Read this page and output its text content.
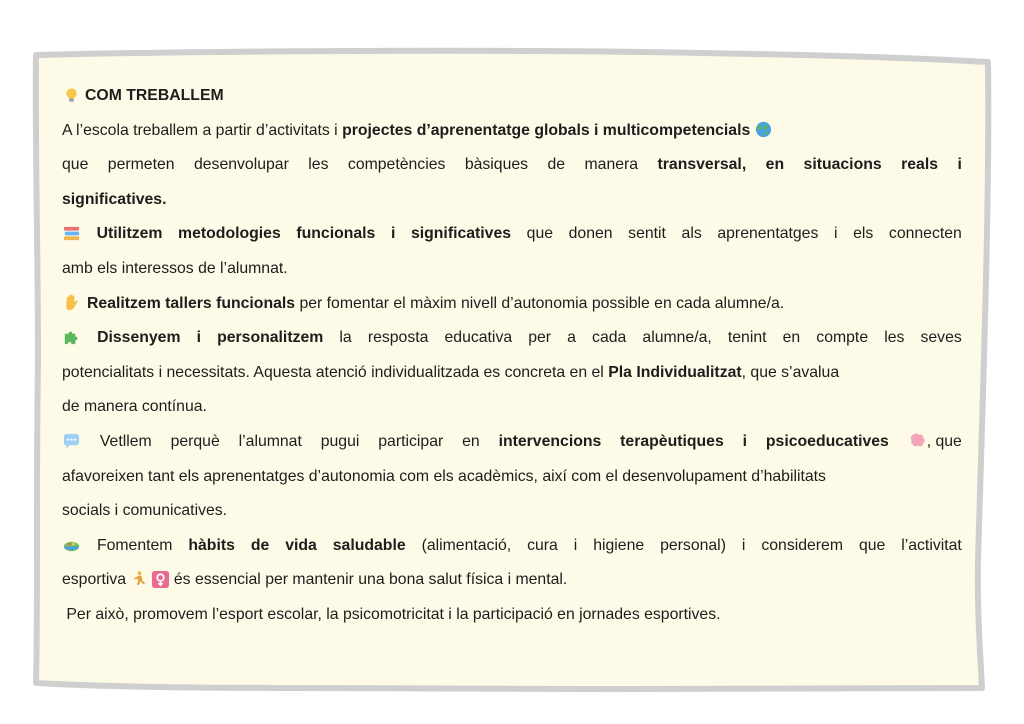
COM TREBALLEM
A l’escola treballem a partir d’activitats i projectes d’aprenentatge globals i multicompetencials
que permeten desenvolupar les competències bàsiques de manera transversal, en situacions reals i
significatives.
Utilitzem metodologies funcionals i significatives que donen sentit als aprenentatges i els connecten
amb els interessos de l’alumnat.
Realitzem tallers funcionals per fomentar el màxim nivell d’autonomia possible en cada alumne/a.
Dissenyem i personalitzem la resposta educativa per a cada alumne/a, tenint en compte les seves
potencialitats i necessitats. Aquesta atenció individualitzada es concreta en el Pla Individualitzat , que s’avalua
de manera contínua.
Vetllem perquè l’alumnat pugui participar en intervencions terapèutiques i psicoeducatives	, que
afavoreixen tant els aprenentatges d’autonomia com els acadèmics, així com el desenvolupament d’habilitats
socials i comunicatives.
Fomentem hàbits de vida saludable (alimentació, cura i higiene personal) i considerem que l’activitat
esportiva és essencial per mantenir una bona salut física i mental.
Per això, promovem l’esport escolar, la psicomotricitat i la participació en jornades esportives.
